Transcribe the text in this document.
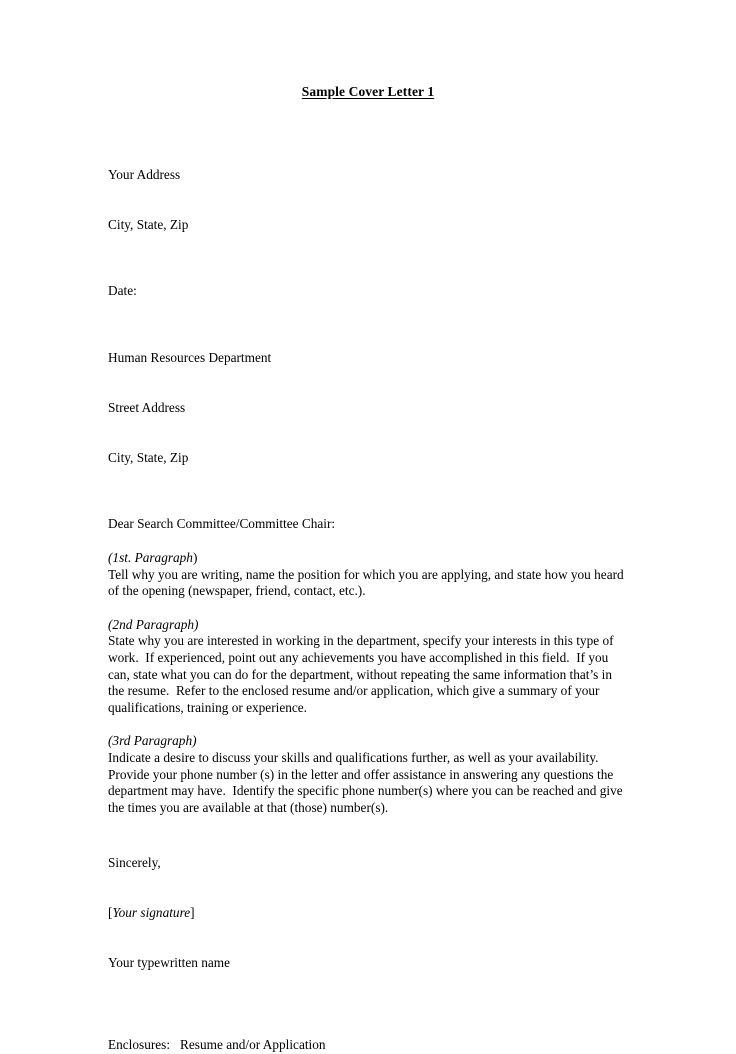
Sample Cover Letter 1

Your Address

City, State, Zip

Date:

Human Resources Department

Street Address

City, State, Zip

Dear Search Committee/Committee Chair:
(1st. Paragraph)
Tell why you are writing, name the position for which you are applying, and state how you heard of the opening (newspaper, friend, contact, etc.).
(2nd Paragraph)
State why you are interested in working in the department, specify your interests in this type of work.  If experienced, point out any achievements you have accomplished in this field.  If you can, state what you can do for the department, without repeating the same information that’s in the resume.  Refer to the enclosed resume and/or application, which give a summary of your qualifications, training or experience.
(3rd Paragraph)
Indicate a desire to discuss your skills and qualifications further, as well as your availability.  Provide your phone number (s) in the letter and offer assistance in answering any questions the department may have.  Identify the specific phone number(s) where you can be reached and give the times you are available at that (those) number(s).
Sincerely,
[Your signature]
Your typewritten name
Enclosures: Resume and/or Application
